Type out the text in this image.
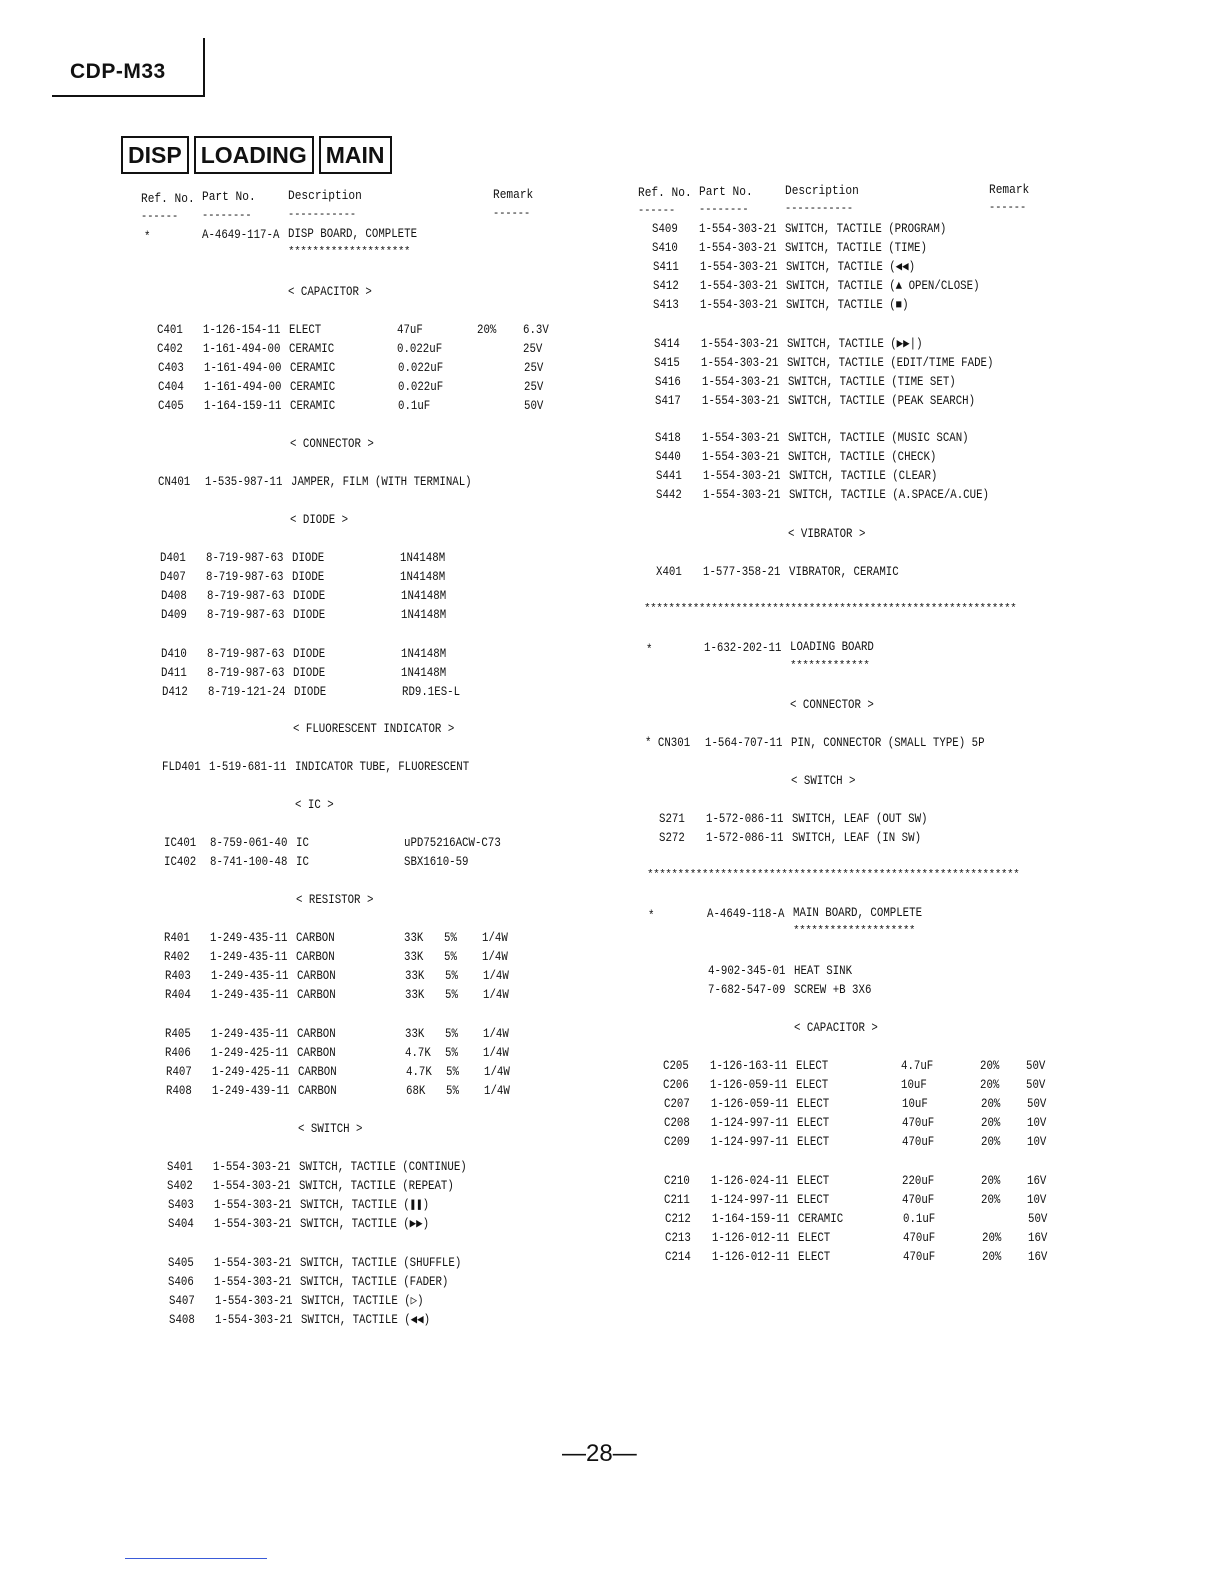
CDP-M33
DISP LOADING MAIN
Ref. No. Part No. Description	Remark
------ --------	-----------	------
Ref. No. Part No. Description	Remark
------ --------	-----------	------
*	A-4649-117-A DISP BOARD, COMPLETE
********************
< CAPACITOR >
C401 1-126-154-11 ELECT	47uF	20% 6.3V
C402 1-161-494-00 CERAMIC	0.022uF	25V
C403 1-161-494-00 CERAMIC	0.022uF	25V
C404 1-161-494-00 CERAMIC	0.022uF	25V
C405 1-164-159-11 CERAMIC	0.1uF	50V
< CONNECTOR >
CN401 1-535-987-11 JAMPER, FILM (WITH TERMINAL)
< DIODE >
D401 8-719-987-63 DIODE	1N4148M
D407 8-719-987-63 DIODE	1N4148M
D408 8-719-987-63 DIODE	1N4148M
D409 8-719-987-63 DIODE	1N4148M
D410 8-719-987-63 DIODE	1N4148M
D411 8-719-987-63 DIODE	1N4148M
D412 8-719-121-24 DIODE	RD9.1ES-L
< FLUORESCENT INDICATOR >
FLD401 1-519-681-11 INDICATOR TUBE, FLUORESCENT
< IC >
IC401 8-759-061-40 IC	uPD75216ACW-C73
IC402 8-741-100-48 IC	SBX1610-59
< RESISTOR >
R401 1-249-435-11 CARBON	33K 5% 1/4W
R402 1-249-435-11 CARBON	33K 5% 1/4W
R403 1-249-435-11 CARBON	33K 5% 1/4W
R404 1-249-435-11 CARBON	33K 5% 1/4W
R405 1-249-435-11 CARBON	33K 5% 1/4W
R406 1-249-425-11 CARBON	4.7K 5% 1/4W
R407 1-249-425-11 CARBON	4.7K 5% 1/4W
R408 1-249-439-11 CARBON	68K 5% 1/4W
< SWITCH >
S401 1-554-303-21 SWITCH, TACTILE (CONTINUE)
S402 1-554-303-21 SWITCH, TACTILE (REPEAT)
S403 1-554-303-21 SWITCH, TACTILE (❚❚)
S404 1-554-303-21 SWITCH, TACTILE (▶▶)
S405 1-554-303-21 SWITCH, TACTILE (SHUFFLE)
S406 1-554-303-21 SWITCH, TACTILE (FADER)
S407 1-554-303-21 SWITCH, TACTILE (▷)
S408 1-554-303-21 SWITCH, TACTILE (◀◀)
S409 1-554-303-21 SWITCH, TACTILE (PROGRAM)
S410 1-554-303-21 SWITCH, TACTILE (TIME)
S411 1-554-303-21 SWITCH, TACTILE (◀◀)
S412 1-554-303-21 SWITCH, TACTILE (▲ OPEN/CLOSE)
S413 1-554-303-21 SWITCH, TACTILE (■)
S414 1-554-303-21 SWITCH, TACTILE (▶▶|)
S415 1-554-303-21 SWITCH, TACTILE (EDIT/TIME FADE)
S416 1-554-303-21 SWITCH, TACTILE (TIME SET)
S417 1-554-303-21 SWITCH, TACTILE (PEAK SEARCH)
S418 1-554-303-21 SWITCH, TACTILE (MUSIC SCAN)
S440 1-554-303-21 SWITCH, TACTILE (CHECK)
S441 1-554-303-21 SWITCH, TACTILE (CLEAR)
S442 1-554-303-21 SWITCH, TACTILE (A.SPACE/A.CUE)
< VIBRATOR >
X401 1-577-358-21 VIBRATOR, CERAMIC
*************************************************************
*	1-632-202-11 LOADING BOARD
*************
< CONNECTOR >
* CN301 1-564-707-11 PIN, CONNECTOR (SMALL TYPE) 5P
< SWITCH >
S271 1-572-086-11 SWITCH, LEAF (OUT SW)
S272 1-572-086-11 SWITCH, LEAF (IN SW)
*************************************************************
*	A-4649-118-A MAIN BOARD, COMPLETE
********************
4-902-345-01 HEAT SINK
7-682-547-09 SCREW +B 3X6
< CAPACITOR >
C205 1-126-163-11 ELECT	4.7uF	20% 50V
C206 1-126-059-11 ELECT	10uF	20% 50V
C207 1-126-059-11 ELECT	10uF	20% 50V
C208 1-124-997-11 ELECT	470uF	20% 10V
C209 1-124-997-11 ELECT	470uF	20% 10V
C210 1-126-024-11 ELECT	220uF	20% 16V
C211 1-124-997-11 ELECT	470uF	20% 10V
C212 1-164-159-11 CERAMIC	0.1uF	50V
C213 1-126-012-11 ELECT	470uF	20% 16V
C214 1-126-012-11 ELECT	470uF	20% 16V
—28—
